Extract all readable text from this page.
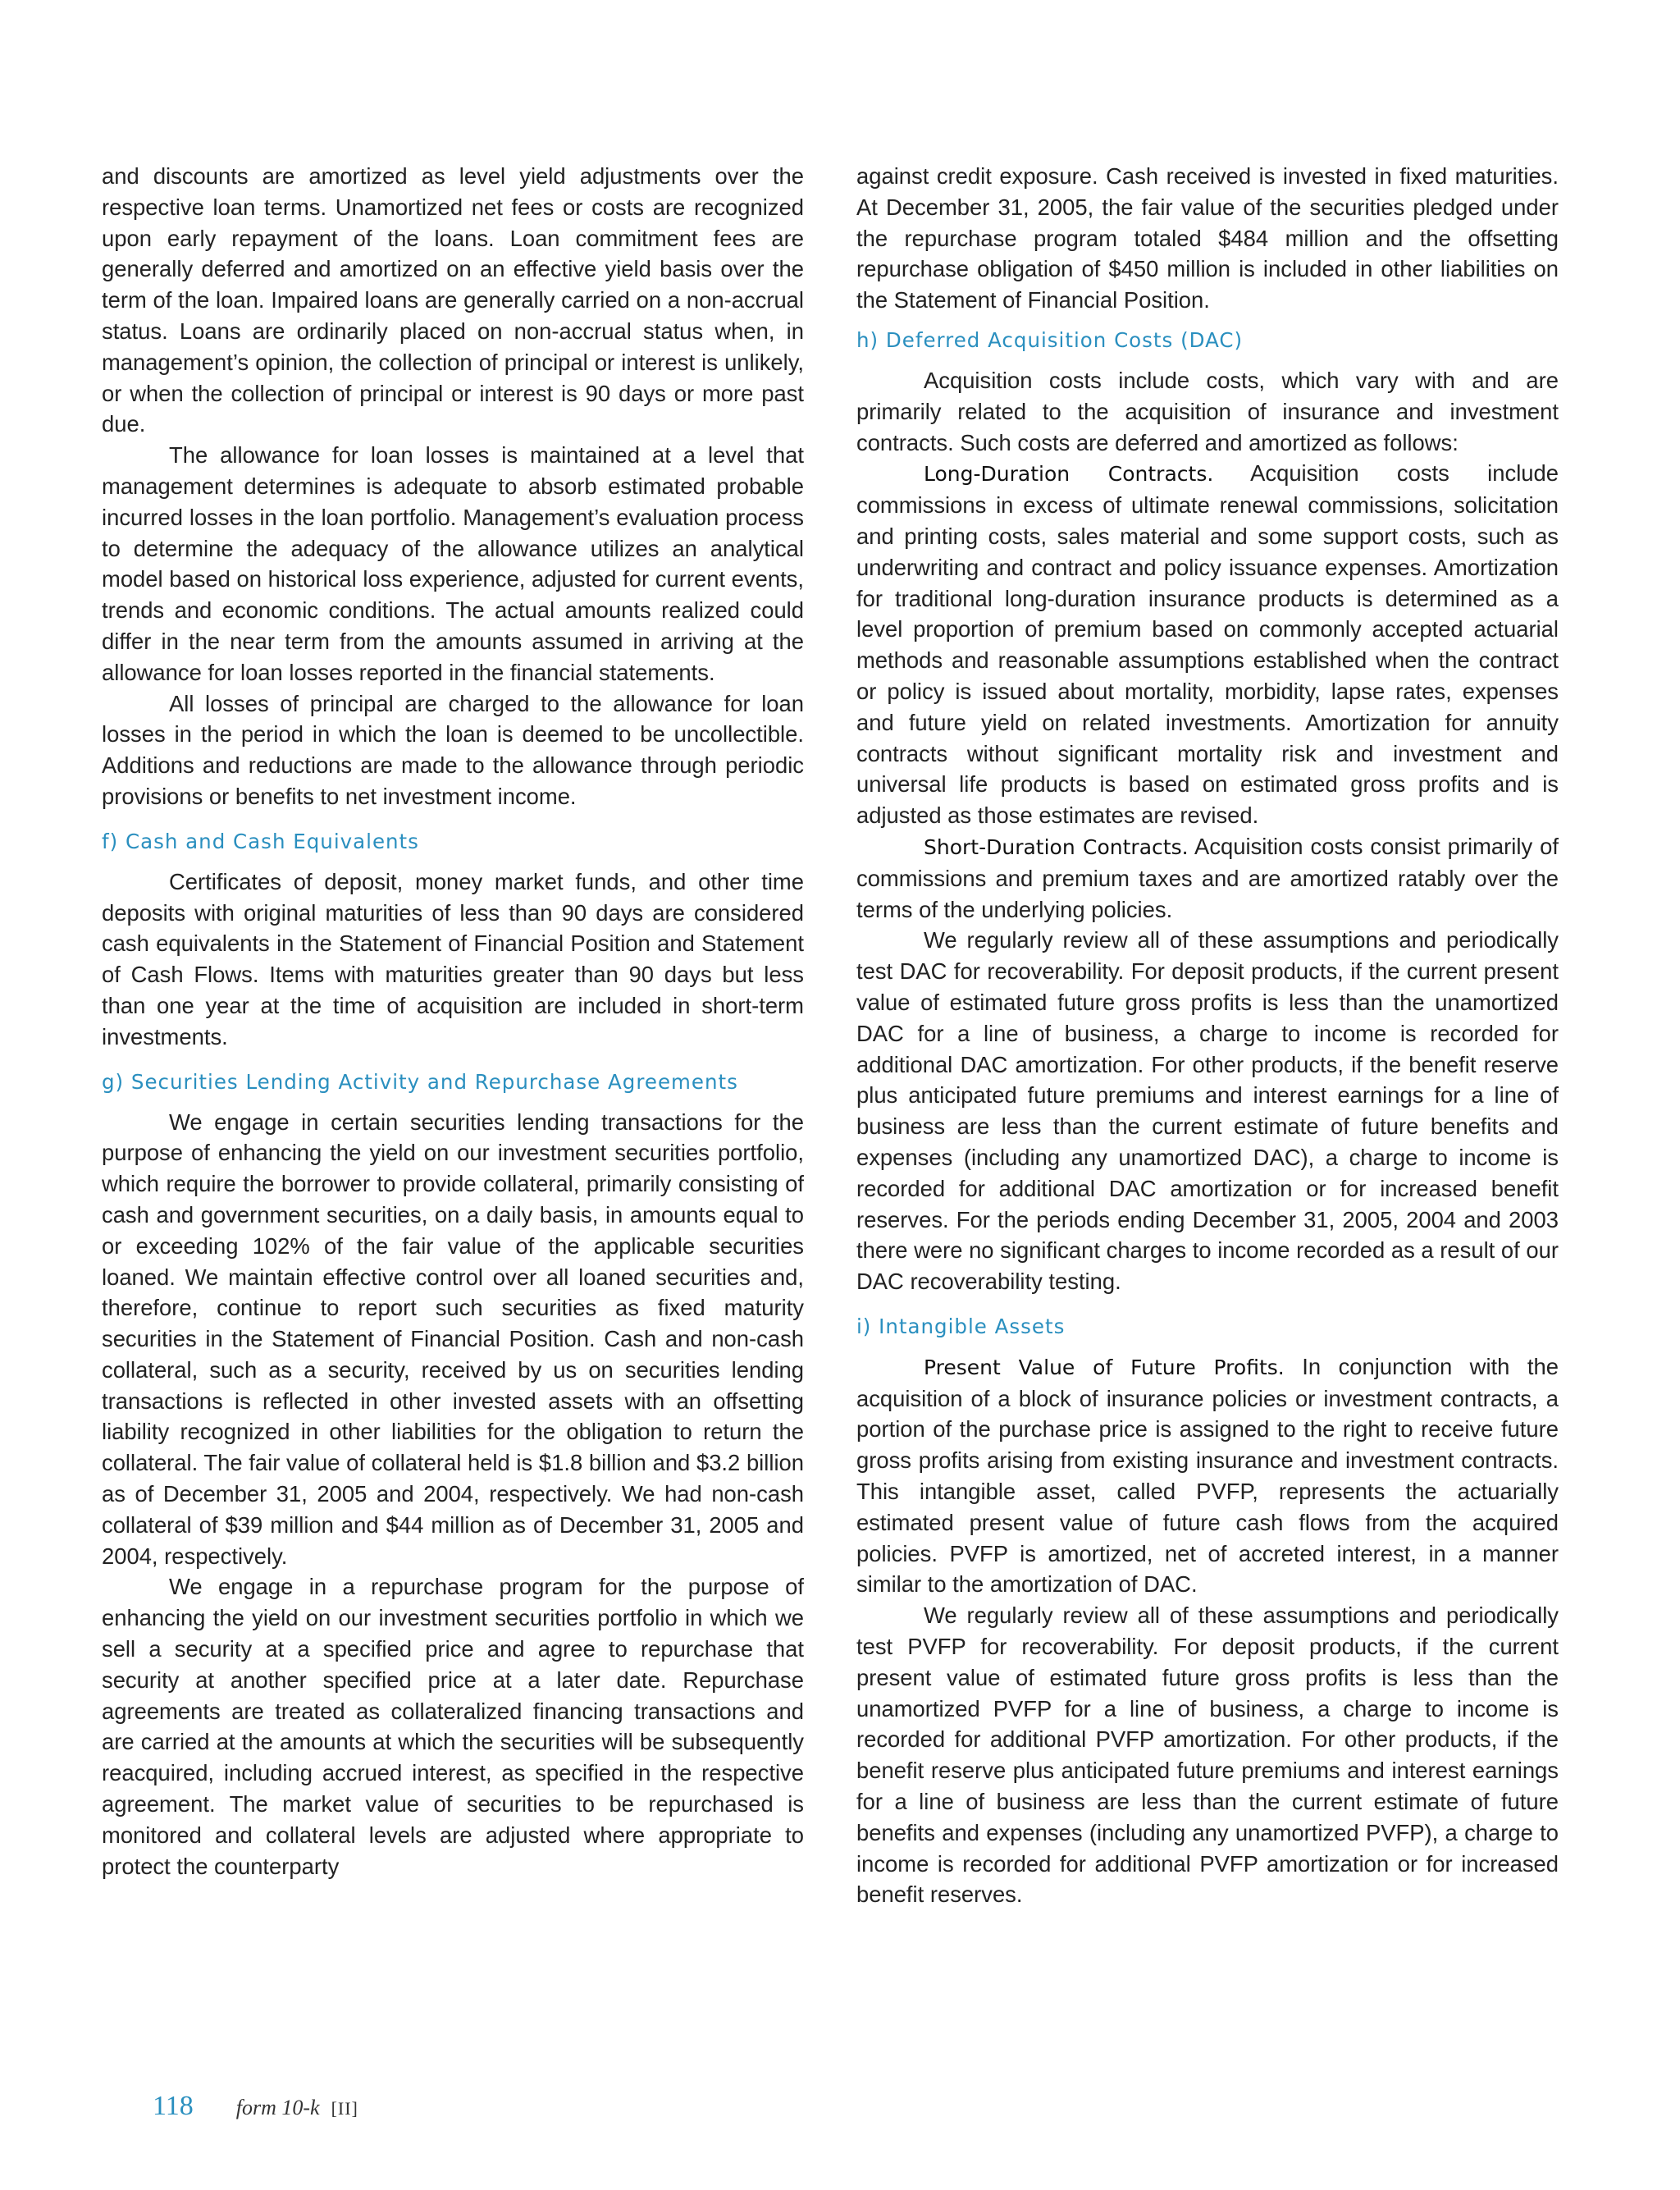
and discounts are amortized as level yield adjustments over the respective loan terms. Unamortized net fees or costs are recognized upon early repayment of the loans. Loan commitment fees are generally deferred and amortized on an effective yield basis over the term of the loan. Impaired loans are generally carried on a non-accrual status. Loans are ordinarily placed on non-accrual status when, in management’s opinion, the collection of principal or interest is unlikely, or when the collection of principal or interest is 90 days or more past due.

The allowance for loan losses is maintained at a level that management determines is adequate to absorb estimated probable incurred losses in the loan portfolio. Management’s evaluation process to determine the adequacy of the allowance utilizes an analytical model based on historical loss experience, adjusted for current events, trends and economic conditions. The actual amounts realized could differ in the near term from the amounts assumed in arriving at the allowance for loan losses reported in the financial statements.

All losses of principal are charged to the allowance for loan losses in the period in which the loan is deemed to be uncollectible. Additions and reductions are made to the allowance through periodic provisions or benefits to net investment income.

f) Cash and Cash Equivalents

Certificates of deposit, money market funds, and other time deposits with original maturities of less than 90 days are considered cash equivalents in the Statement of Financial Position and Statement of Cash Flows. Items with maturities greater than 90 days but less than one year at the time of acquisition are included in short-term investments.

g) Securities Lending Activity and Repurchase Agreements

We engage in certain securities lending transactions for the purpose of enhancing the yield on our investment securities portfolio, which require the borrower to provide collateral, primarily consisting of cash and government securities, on a daily basis, in amounts equal to or exceeding 102% of the fair value of the applicable securities loaned. We maintain effective control over all loaned securities and, therefore, continue to report such securities as fixed maturity securities in the Statement of Financial Position. Cash and non-cash collateral, such as a security, received by us on securities lending transactions is reflected in other invested assets with an offsetting liability recognized in other liabilities for the obligation to return the collateral. The fair value of collateral held is $1.8 billion and $3.2 billion as of December 31, 2005 and 2004, respectively. We had non-cash collateral of $39 million and $44 million as of December 31, 2005 and 2004, respectively.

We engage in a repurchase program for the purpose of enhancing the yield on our investment securities portfolio in which we sell a security at a specified price and agree to repurchase that security at another specified price at a later date. Repurchase agreements are treated as collateralized financing transactions and are carried at the amounts at which the securities will be subsequently reacquired, including accrued interest, as specified in the respective agreement. The market value of securities to be repurchased is monitored and collateral levels are adjusted where appropriate to protect the counterparty

against credit exposure. Cash received is invested in fixed maturities. At December 31, 2005, the fair value of the securities pledged under the repurchase program totaled $484 million and the offsetting repurchase obligation of $450 million is included in other liabilities on the Statement of Financial Position.

h) Deferred Acquisition Costs (DAC)

Acquisition costs include costs, which vary with and are primarily related to the acquisition of insurance and investment contracts. Such costs are deferred and amortized as follows:

Long-Duration Contracts. Acquisition costs include commissions in excess of ultimate renewal commissions, solicitation and printing costs, sales material and some support costs, such as underwriting and contract and policy issuance expenses. Amortization for traditional long-duration insurance products is determined as a level proportion of premium based on commonly accepted actuarial methods and reasonable assumptions established when the contract or policy is issued about mortality, morbidity, lapse rates, expenses and future yield on related investments. Amortization for annuity contracts without significant mortality risk and investment and universal life products is based on estimated gross profits and is adjusted as those estimates are revised.

Short-Duration Contracts. Acquisition costs consist primarily of commissions and premium taxes and are amortized ratably over the terms of the underlying policies.

We regularly review all of these assumptions and periodically test DAC for recoverability. For deposit products, if the current present value of estimated future gross profits is less than the unamortized DAC for a line of business, a charge to income is recorded for additional DAC amortization. For other products, if the benefit reserve plus anticipated future premiums and interest earnings for a line of business are less than the current estimate of future benefits and expenses (including any unamortized DAC), a charge to income is recorded for additional DAC amortization or for increased benefit reserves. For the periods ending December 31, 2005, 2004 and 2003 there were no significant charges to income recorded as a result of our DAC recoverability testing.

i) Intangible Assets

Present Value of Future Profits. In conjunction with the acquisition of a block of insurance policies or investment contracts, a portion of the purchase price is assigned to the right to receive future gross profits arising from existing insurance and investment contracts. This intangible asset, called PVFP, represents the actuarially estimated present value of future cash flows from the acquired policies. PVFP is amortized, net of accreted interest, in a manner similar to the amortization of DAC.

We regularly review all of these assumptions and periodically test PVFP for recoverability. For deposit products, if the current present value of estimated future gross profits is less than the unamortized PVFP for a line of business, a charge to income is recorded for additional PVFP amortization. For other products, if the benefit reserve plus anticipated future premiums and interest earnings for a line of business are less than the current estimate of future benefits and expenses (including any unamortized PVFP), a charge to income is recorded for additional PVFP amortization or for increased benefit reserves.

118 form 10-k [II]
